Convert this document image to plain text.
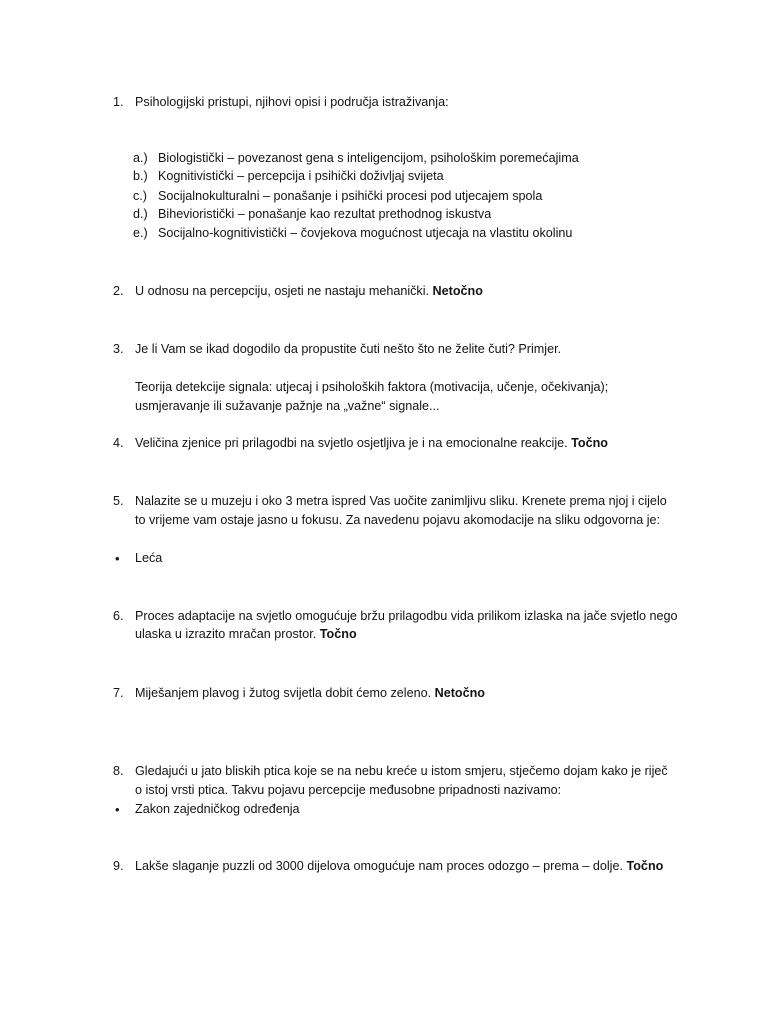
1. Psihologijski pristupi, njihovi opisi i područja istraživanja:
a.) Biologistički – povezanost gena s inteligencijom, psihološkim poremećajima
b.) Kognitivistički – percepcija i psihički doživljaj svijeta
c.) Socijalnokulturalni – ponašanje i psihički procesi pod utjecajem spola
d.) Bihevioristički – ponašanje kao rezultat prethodnog iskustva
e.) Socijalno-kognitivistički – čovjekova mogućnost utjecaja na vlastitu okolinu
2. U odnosu na percepciju, osjeti ne nastaju mehanički. Netočno
3. Je li Vam se ikad dogodilo da propustite čuti nešto što ne želite čuti? Primjer.
Teorija detekcije signala: utjecaj i psiholoških faktora (motivacija, učenje, očekivanja);
usmjeravanje ili sužavanje pažnje na „važne“ signale...
4. Veličina zjenice pri prilagodbi na svjetlo osjetljiva je i na emocionalne reakcije. Točno
5. Nalazite se u muzeju i oko 3 metra ispred Vas uočite zanimljivu sliku. Krenete prema njoj i cijelo
to vrijeme vam ostaje jasno u fokusu. Za navedenu pojavu akomodacije na sliku odgovorna je:
• Leća
6. Proces adaptacije na svjetlo omogućuje bržu prilagodbu vida prilikom izlaska na jače svjetlo nego
ulaska u izrazito mračan prostor. Točno
7. Miješanjem plavog i žutog svijetla dobit ćemo zeleno. Netočno
8. Gledajući u jato bliskih ptica koje se na nebu kreće u istom smjeru, stječemo dojam kako je riječ
o istoj vrsti ptica. Takvu pojavu percepcije međusobne pripadnosti nazivamo:
• Zakon zajedničkog određenja
9. Lakše slaganje puzzli od 3000 dijelova omogućuje nam proces odozgo – prema – dolje. Točno
